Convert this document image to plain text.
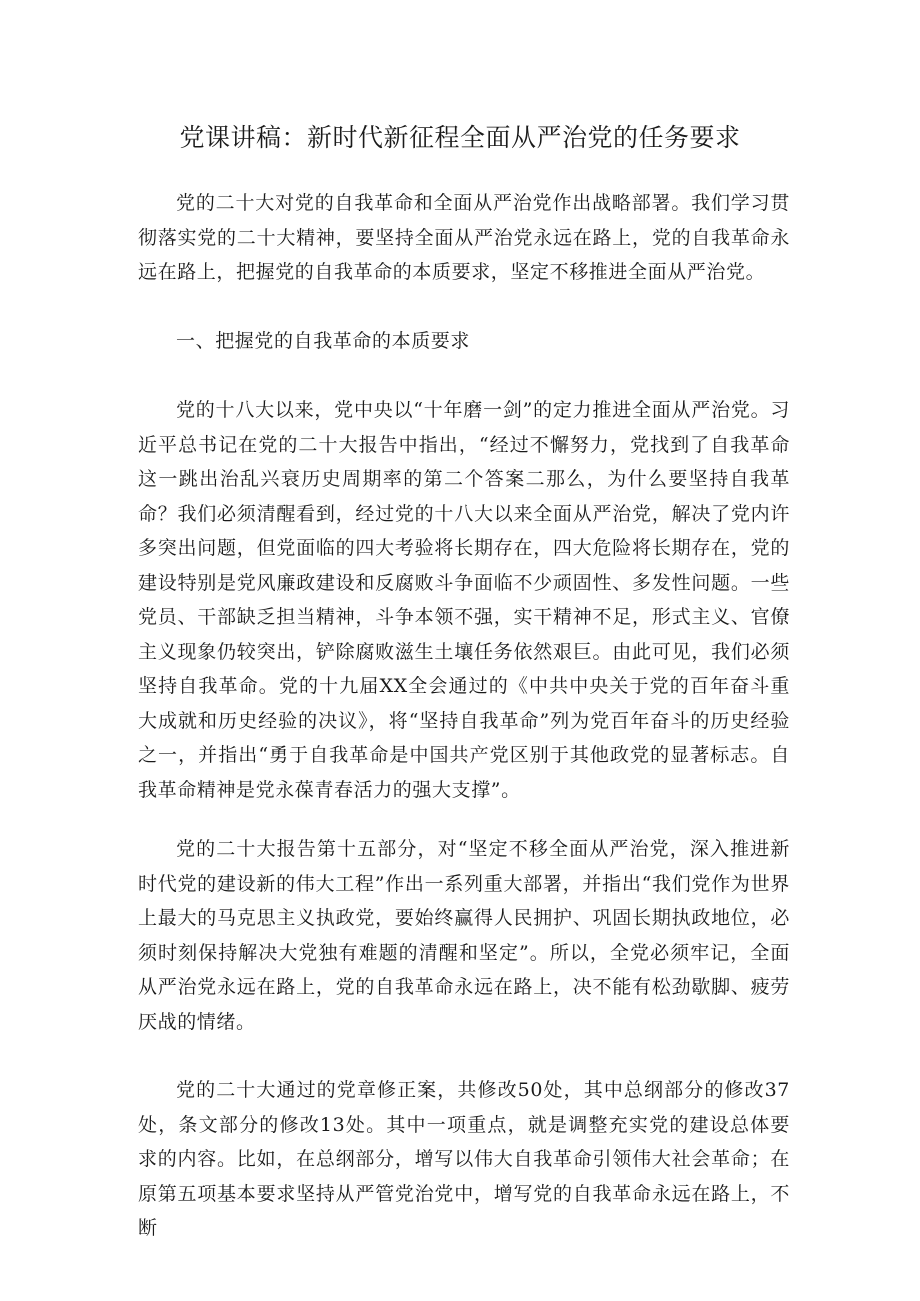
党课讲稿：新时代新征程全面从严治党的任务要求

党的二十大对党的自我革命和全面从严治党作出战略部署。我们学习贯彻落实党的二十大精神，要坚持全面从严治党永远在路上，党的自我革命永远在路上，把握党的自我革命的本质要求，坚定不移推进全面从严治党。

一、把握党的自我革命的本质要求

党的十八大以来，党中央以“十年磨一剑”的定力推进全面从严治党。习近平总书记在党的二十大报告中指出，“经过不懈努力，党找到了自我革命这一跳出治乱兴衰历史周期率的第二个答案二那么，为什么要坚持自我革命？我们必须清醒看到，经过党的十八大以来全面从严治党，解决了党内许多突出问题，但党面临的四大考验将长期存在，四大危险将长期存在，党的建设特别是党风廉政建设和反腐败斗争面临不少顽固性、多发性问题。一些党员、干部缺乏担当精神，斗争本领不强，实干精神不足，形式主义、官僚主义现象仍较突出，铲除腐败滋生土壤任务依然艰巨。由此可见，我们必须坚持自我革命。党的十九届XX全会通过的《中共中央关于党的百年奋斗重大成就和历史经验的决议》，将“坚持自我革命”列为党百年奋斗的历史经验之一，并指出“勇于自我革命是中国共产党区别于其他政党的显著标志。自我革命精神是党永葆青春活力的强大支撑”。

党的二十大报告第十五部分，对“坚定不移全面从严治党，深入推进新时代党的建设新的伟大工程”作出一系列重大部署，并指出“我们党作为世界上最大的马克思主义执政党，要始终赢得人民拥护、巩固长期执政地位，必须时刻保持解决大党独有难题的清醒和坚定”。所以，全党必须牢记，全面从严治党永远在路上，党的自我革命永远在路上，决不能有松劲歇脚、疲劳厌战的情绪。

党的二十大通过的党章修正案，共修改50处，其中总纲部分的修改37处，条文部分的修改13处。其中一项重点，就是调整充实党的建设总体要求的内容。比如，在总纲部分，增写以伟大自我革命引领伟大社会革命；在原第五项基本要求坚持从严管党治党中，增写党的自我革命永远在路上，不断
